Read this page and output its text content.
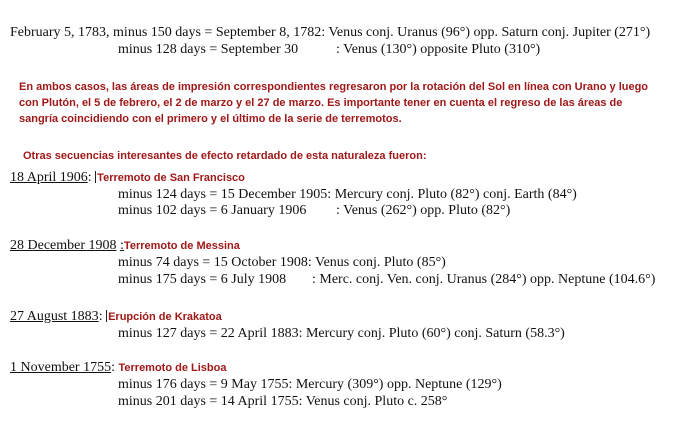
February 5, 1783, minus 150 days = September 8, 1782: Venus conj. Uranus (96°) opp. Saturn conj. Jupiter (271°)
minus 128 days = September 30	: Venus (130°) opposite Pluto (310°)
En ambos casos, las áreas de impresión correspondientes regresaron por la rotación del Sol en línea con Urano y luego
con Plutón, el 5 de febrero, el 2 de marzo y el 27 de marzo. Es importante tener en cuenta el regreso de las áreas de
sangría coincidiendo con el primero y el último de la serie de terremotos.
Otras secuencias interesantes de efecto retardado de esta naturaleza fueron:
18 April 1906: Terremoto de San Francisco
minus 124 days = 15 December 1905: Mercury conj. Pluto (82°) conj. Earth (84°)
minus 102 days = 6 January 1906 : Venus (262°) opp. Pluto (82°)
28 December 1908 :Terremoto de Messina
minus 74 days = 15 October 1908: Venus conj. Pluto (85°)
minus 175 days = 6 July 1908 : Merc. conj. Ven. conj. Uranus (284°) opp. Neptune (104.6°)
27 August 1883: Erupción de Krakatoa
minus 127 days = 22 April 1883: Mercury conj. Pluto (60°) conj. Saturn (58.3°)
1 November 1755: Terremoto de Lisboa
minus 176 days = 9 May 1755: Mercury (309°) opp. Neptune (129°)
minus 201 days = 14 April 1755: Venus conj. Pluto c. 258°
